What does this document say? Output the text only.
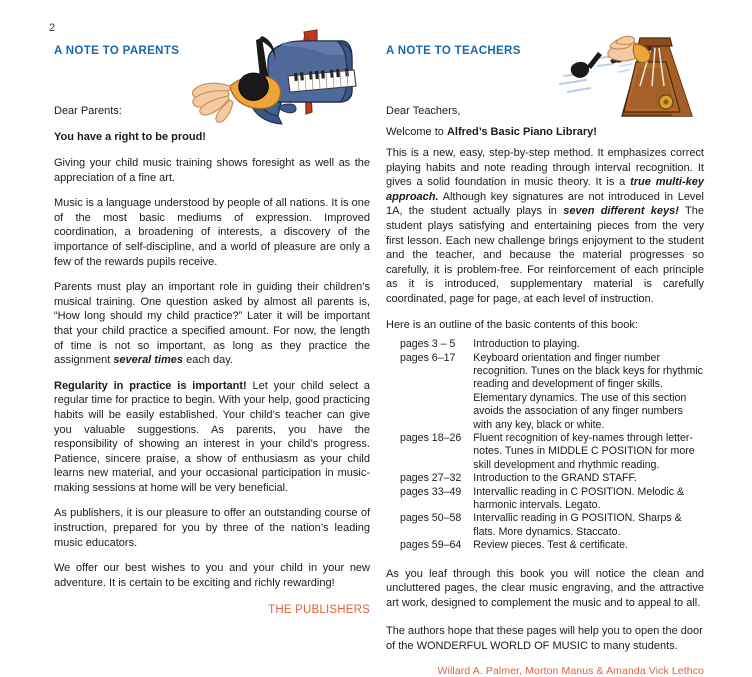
2
A NOTE TO PARENTS
Dear Parents:
You have a right to be proud!

Giving your child music training shows foresight as well as the appreciation of a fine art.

Music is a language understood by people of all nations. It is one of the most basic mediums of expression. Improved coordination, a broadening of interests, a discovery of the importance of self-discipline, and a world of pleasure are only a few of the rewards pupils receive.

Parents must play an important role in guiding their children’s musical training. One question asked by almost all parents is, “How long should my child practice?” Later it will be important that your child practice a specified amount. For now, the length of time is not so important, as long as they practice the assignment several times each day.

Regularity in practice is important! Let your child select a regular time for practice to begin. With your help, good practicing habits will be easily established. Your child’s teacher can give you valuable suggestions. As parents, you have the responsibility of showing an interest in your child’s progress. Patience, sincere praise, a show of enthusiasm as your child learns new material, and your occasional participation in music-making sessions at home will be very beneficial.

As publishers, it is our pleasure to offer an outstanding course of instruction, prepared for you by three of the nation’s leading music educators.

We offer our best wishes to you and your child in your new adventure. It is certain to be exciting and richly rewarding!

THE PUBLISHERS

A NOTE TO TEACHERS
Dear Teachers,
Welcome to Alfred’s Basic Piano Library!

This is a new, easy, step-by-step method. It emphasizes correct playing habits and note reading through interval recognition. It gives a solid foundation in music theory. It is a true multi-key approach. Although key signatures are not introduced in Level 1A, the student actually plays in seven different keys! The student plays satisfying and entertaining pieces from the very first lesson. Each new challenge brings enjoyment to the student and the teacher, and because the material progresses so carefully, it is problem-free. For reinforcement of each principle as it is introduced, supplementary material is carefully coordinated, page for page, at each level of instruction.

Here is an outline of the basic contents of this book:

pages 3 – 5	Introduction to playing.
pages 6–17	Keyboard orientation and finger number recognition. Tunes on the black keys for rhythmic reading and development of finger skills. Elementary dynamics. The use of this section avoids the association of any finger numbers with any key, black or white.
pages 18–26	Fluent recognition of key-names through letter-notes. Tunes in MIDDLE C POSITION for more skill development and rhythmic reading.
pages 27–32	Introduction to the GRAND STAFF.
pages 33–49	Intervallic reading in C POSITION. Melodic & harmonic intervals. Legato.
pages 50–58	Intervallic reading in G POSITION. Sharps & flats. More dynamics. Staccato.
pages 59–64	Review pieces. Test & certificate.

As you leaf through this book you will notice the clean and uncluttered pages, the clear music engraving, and the attractive art work, designed to complement the music and to appeal to all.

The authors hope that these pages will help you to open the door of the WONDERFUL WORLD OF MUSIC to many students.

Willard A. Palmer, Morton Manus & Amanda Vick Lethco
